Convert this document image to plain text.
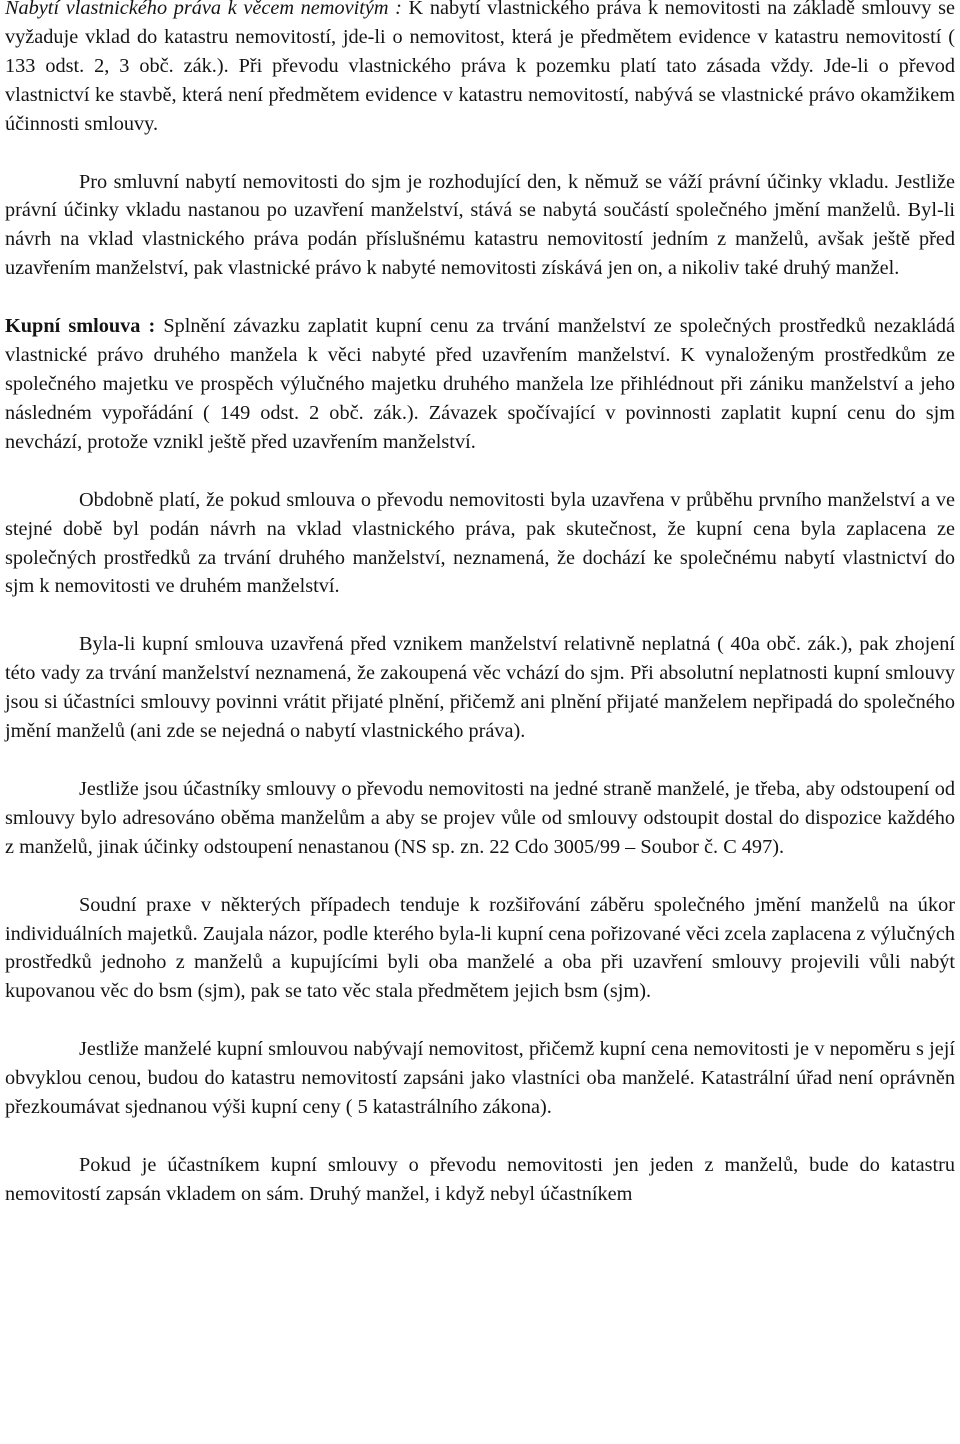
Nabytí vlastnického práva k věcem nemovitým : K nabytí vlastnického práva k nemovitosti na základě smlouvy se vyžaduje vklad do katastru nemovitostí, jde-li o nemovitost, která je předmětem evidence v katastru nemovitostí ( 133 odst. 2, 3 obč. zák.). Při převodu vlastnického práva k pozemku platí tato zásada vždy. Jde-li o převod vlastnictví ke stavbě, která není předmětem evidence v katastru nemovitostí, nabývá se vlastnické právo okamžikem účinnosti smlouvy.

Pro smluvní nabytí nemovitosti do sjm je rozhodující den, k němuž se váží právní účinky vkladu. Jestliže právní účinky vkladu nastanou po uzavření manželství, stává se nabytá součástí společného jmění manželů. Byl-li návrh na vklad vlastnického práva podán příslušnému katastru nemovitostí jedním z manželů, avšak ještě před uzavřením manželství, pak vlastnické právo k nabyté nemovitosti získává jen on, a nikoliv také druhý manžel.

Kupní smlouva : Splnění závazku zaplatit kupní cenu za trvání manželství ze společných prostředků nezakládá vlastnické právo druhého manžela k věci nabyté před uzavřením manželství. K vynaloženým prostředkům ze společného majetku ve prospěch výlučného majetku druhého manžela lze přihlédnout při zániku manželství a jeho následném vypořádání ( 149 odst. 2 obč. zák.). Závazek spočívající v povinnosti zaplatit kupní cenu do sjm nevchází, protože vznikl ještě před uzavřením manželství.

Obdobně platí, že pokud smlouva o převodu nemovitosti byla uzavřena v průběhu prvního manželství a ve stejné době byl podán návrh na vklad vlastnického práva, pak skutečnost, že kupní cena byla zaplacena ze společných prostředků za trvání druhého manželství, neznamená, že dochází ke společnému nabytí vlastnictví do sjm k nemovitosti ve druhém manželství.

Byla-li kupní smlouva uzavřená před vznikem manželství relativně neplatná ( 40a obč. zák.), pak zhojení této vady za trvání manželství neznamená, že zakoupená věc vchází do sjm. Při absolutní neplatnosti kupní smlouvy jsou si účastníci smlouvy povinni vrátit přijaté plnění, přičemž ani plnění přijaté manželem nepřipadá do společného jmění manželů (ani zde se nejedná o nabytí vlastnického práva).

Jestliže jsou účastníky smlouvy o převodu nemovitosti na jedné straně manželé, je třeba, aby odstoupení od smlouvy bylo adresováno oběma manželům a aby se projev vůle od smlouvy odstoupit dostal do dispozice každého z manželů, jinak účinky odstoupení nenastanou (NS sp. zn. 22 Cdo 3005/99 – Soubor č. C 497).

Soudní praxe v některých případech tenduje k rozšiřování záběru společného jmění manželů na úkor individuálních majetků. Zaujala názor, podle kterého byla-li kupní cena pořizované věci zcela zaplacena z výlučných prostředků jednoho z manželů a kupujícími byli oba manželé a oba při uzavření smlouvy projevili vůli nabýt kupovanou věc do bsm (sjm), pak se tato věc stala předmětem jejich bsm (sjm).

Jestliže manželé kupní smlouvou nabývají nemovitost, přičemž kupní cena nemovitosti je v nepoměru s její obvyklou cenou, budou do katastru nemovitostí zapsáni jako vlastníci oba manželé. Katastrální úřad není oprávněn přezkoumávat sjednanou výši kupní ceny ( 5 katastrálního zákona).

Pokud je účastníkem kupní smlouvy o převodu nemovitosti jen jeden z manželů, bude do katastru nemovitostí zapsán vkladem on sám. Druhý manžel, i když nebyl účastníkem
